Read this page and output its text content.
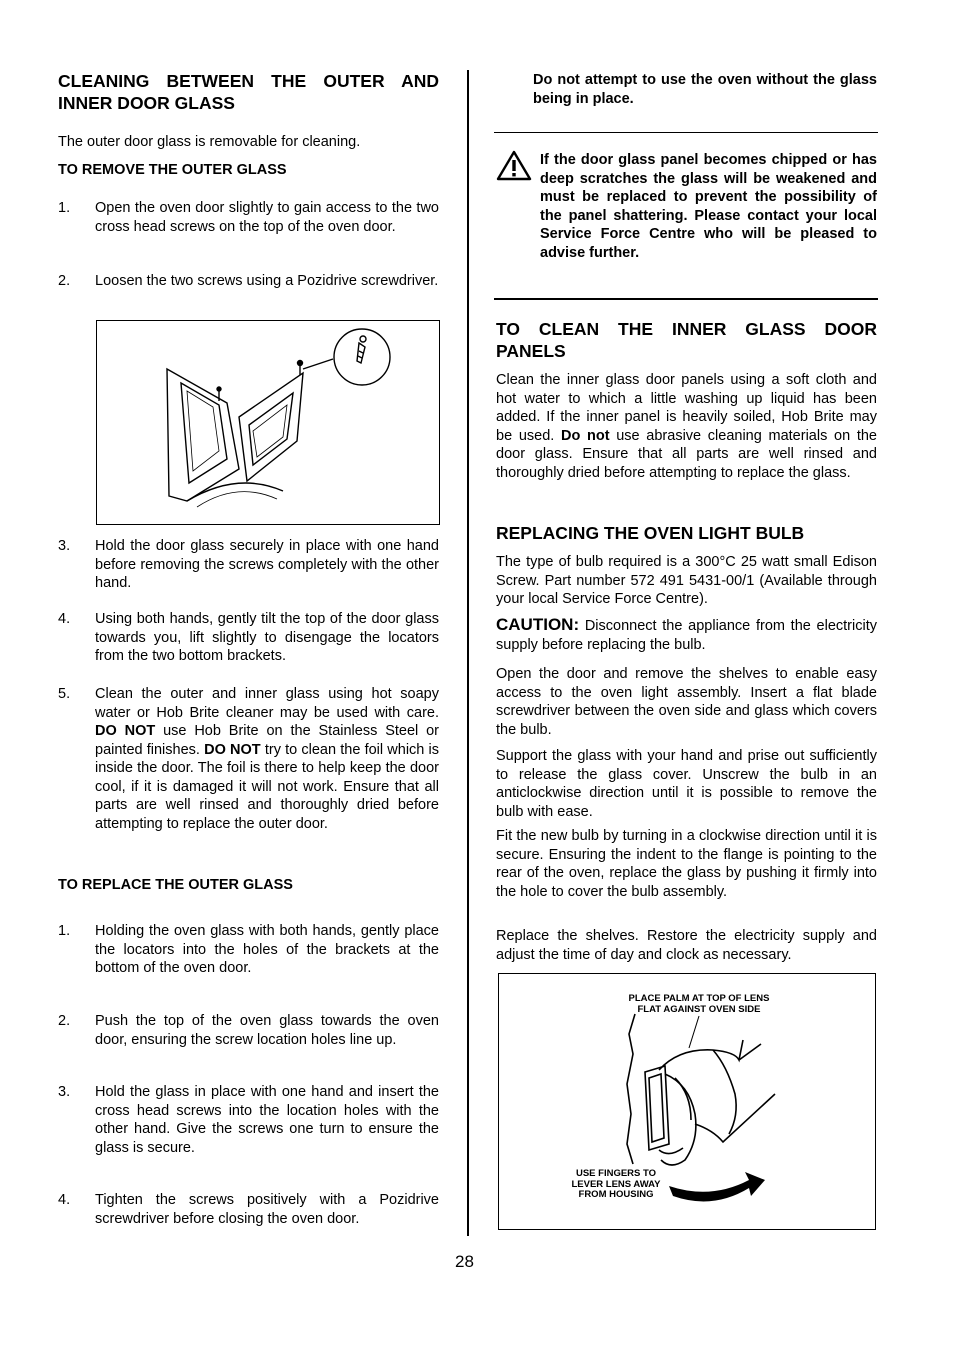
CLEANING BETWEEN THE OUTER AND INNER DOOR GLASS

The outer door glass is removable for cleaning.

TO REMOVE THE OUTER GLASS
1. Open the oven door slightly to gain access to the two cross head screws on the top of the oven door.
2. Loosen the two screws using a Pozidrive screwdriver.
3. Hold the door glass securely in place with one hand before removing the screws completely with the other hand.
4. Using both hands, gently tilt the top of the door glass towards you, lift slightly to disengage the locators from the two bottom brackets.
5. Clean the outer and inner glass using hot soapy water or Hob Brite cleaner may be used with care. DO NOT use Hob Brite on the Stainless Steel or painted finishes. DO NOT try to clean the foil which is inside the door. The foil is there to help keep the door cool, if it is damaged it will not work. Ensure that all parts are well rinsed and thoroughly dried before attempting to replace the outer door.
TO REPLACE THE OUTER GLASS
1. Holding the oven glass with both hands, gently place the locators into the holes of the brackets at the bottom of the oven door.
2. Push the top of the oven glass towards the oven door, ensuring the screw location holes line up.
3. Hold the glass in place with one hand and insert the cross head screws into the location holes with the other hand. Give the screws one turn to ensure the glass is secure.
4. Tighten the screws positively with a Pozidrive screwdriver before closing the oven door.

Do not attempt to use the oven without the glass being in place.

If the door glass panel becomes chipped or has deep scratches the glass will be weakened and must be replaced to prevent the possibility of the panel shattering. Please contact your local Service Force Centre who will be pleased to advise further.

TO CLEAN THE INNER GLASS DOOR PANELS

Clean the inner glass door panels using a soft cloth and hot water to which a little washing up liquid has been added. If the inner panel is heavily soiled, Hob Brite may be used. Do not use abrasive cleaning materials on the door glass. Ensure that all parts are well rinsed and thoroughly dried before attempting to replace the glass.

REPLACING THE OVEN LIGHT BULB

The type of bulb required is a 300°C 25 watt small Edison Screw. Part number 572 491 5431-00/1 (Available through your local Service Force Centre).

CAUTION: Disconnect the appliance from the electricity supply before replacing the bulb.

Open the door and remove the shelves to enable easy access to the oven light assembly. Insert a flat blade screwdriver between the oven side and glass which covers the bulb.

Support the glass with your hand and prise out sufficiently to release the glass cover. Unscrew the bulb in an anticlockwise direction until it is possible to remove the bulb with ease.

Fit the new bulb by turning in a clockwise direction until it is secure. Ensuring the indent to the flange is pointing to the rear of the oven, replace the glass by pushing it firmly into the hole to cover the bulb assembly.

Replace the shelves. Restore the electricity supply and adjust the time of day and clock as necessary.

PLACE PALM AT TOP OF LENS
FLAT AGAINST OVEN SIDE
USE FINGERS TO
LEVER LENS AWAY
FROM HOUSING
28
